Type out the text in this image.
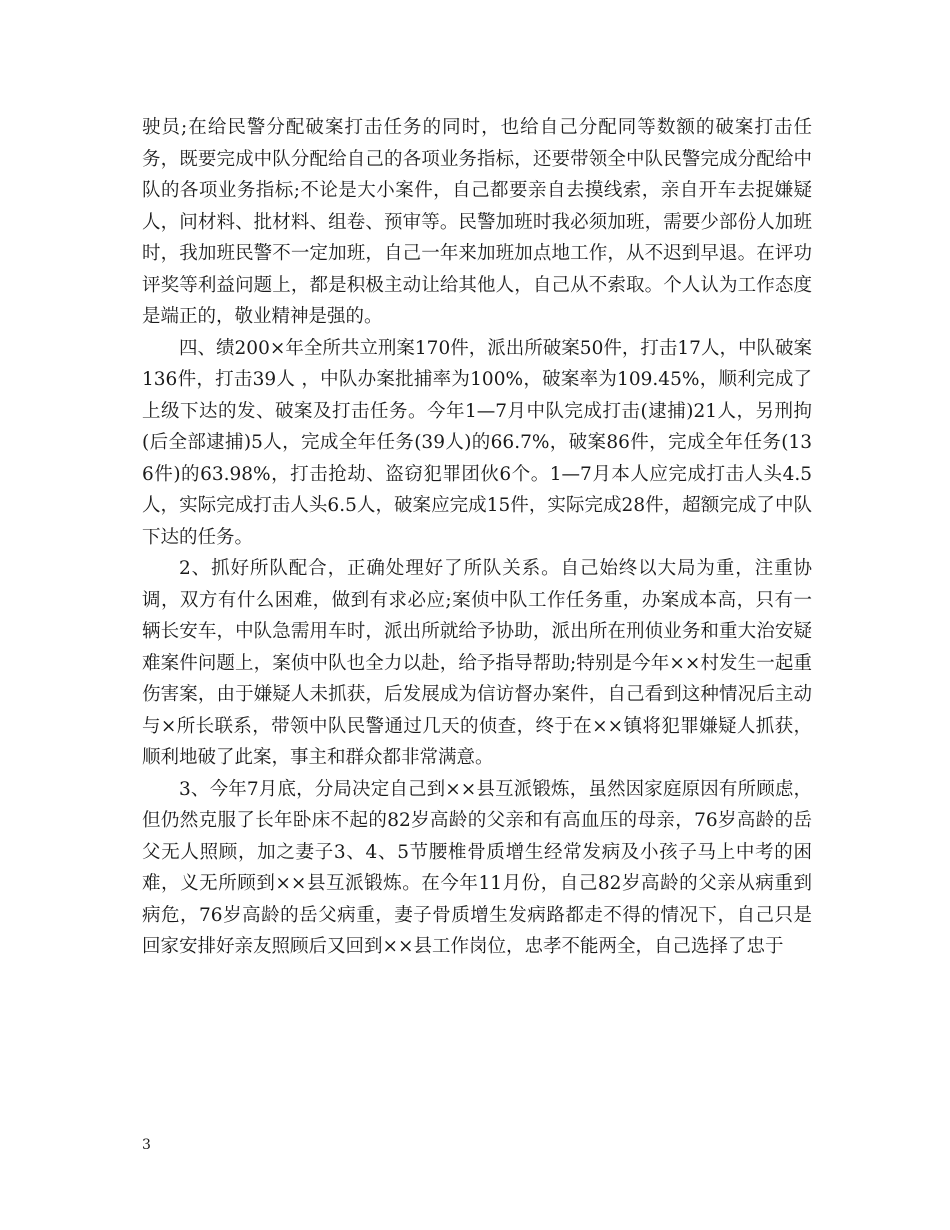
驶员;在给民警分配破案打击任务的同时，也给自己分配同等数额的破案打击任务，既要完成中队分配给自己的各项业务指标，还要带领全中队民警完成分配给中队的各项业务指标;不论是大小案件，自己都要亲自去摸线索，亲自开车去捉嫌疑人，问材料、批材料、组卷、预审等。民警加班时我必须加班，需要少部份人加班时，我加班民警不一定加班，自己一年来加班加点地工作，从不迟到早退。在评功评奖等利益问题上，都是积极主动让给其他人，自己从不索取。个人认为工作态度是端正的，敬业精神是强的。

四、绩200×年全所共立刑案170件，派出所破案50件，打击17人，中队破案136件，打击39人 ，中队办案批捕率为100%，破案率为109.45%，顺利完成了上级下达的发、破案及打击任务。今年1—7月中队完成打击(逮捕)21人，另刑拘(后全部逮捕)5人，完成全年任务(39人)的66.7%，破案86件，完成全年任务(136件)的63.98%，打击抢劫、盗窃犯罪团伙6个。1—7月本人应完成打击人头4.5人，实际完成打击人头6.5人，破案应完成15件，实际完成28件，超额完成了中队下达的任务。

2、抓好所队配合，正确处理好了所队关系。自己始终以大局为重，注重协调，双方有什么困难，做到有求必应;案侦中队工作任务重，办案成本高，只有一辆长安车，中队急需用车时，派出所就给予协助，派出所在刑侦业务和重大治安疑难案件问题上，案侦中队也全力以赴，给予指导帮助;特别是今年××村发生一起重伤害案，由于嫌疑人未抓获，后发展成为信访督办案件，自己看到这种情况后主动与×所长联系，带领中队民警通过几天的侦查，终于在××镇将犯罪嫌疑人抓获，顺利地破了此案，事主和群众都非常满意。

3、今年7月底，分局决定自己到××县互派锻炼，虽然因家庭原因有所顾虑，但仍然克服了长年卧床不起的82岁高龄的父亲和有高血压的母亲，76岁高龄的岳父无人照顾，加之妻子3、4、5节腰椎骨质增生经常发病及小孩子马上中考的困难，义无所顾到××县互派锻炼。在今年11月份，自己82岁高龄的父亲从病重到病危，76岁高龄的岳父病重，妻子骨质增生发病路都走不得的情况下，自己只是回家安排好亲友照顾后又回到××县工作岗位，忠孝不能两全，自己选择了忠于

3
